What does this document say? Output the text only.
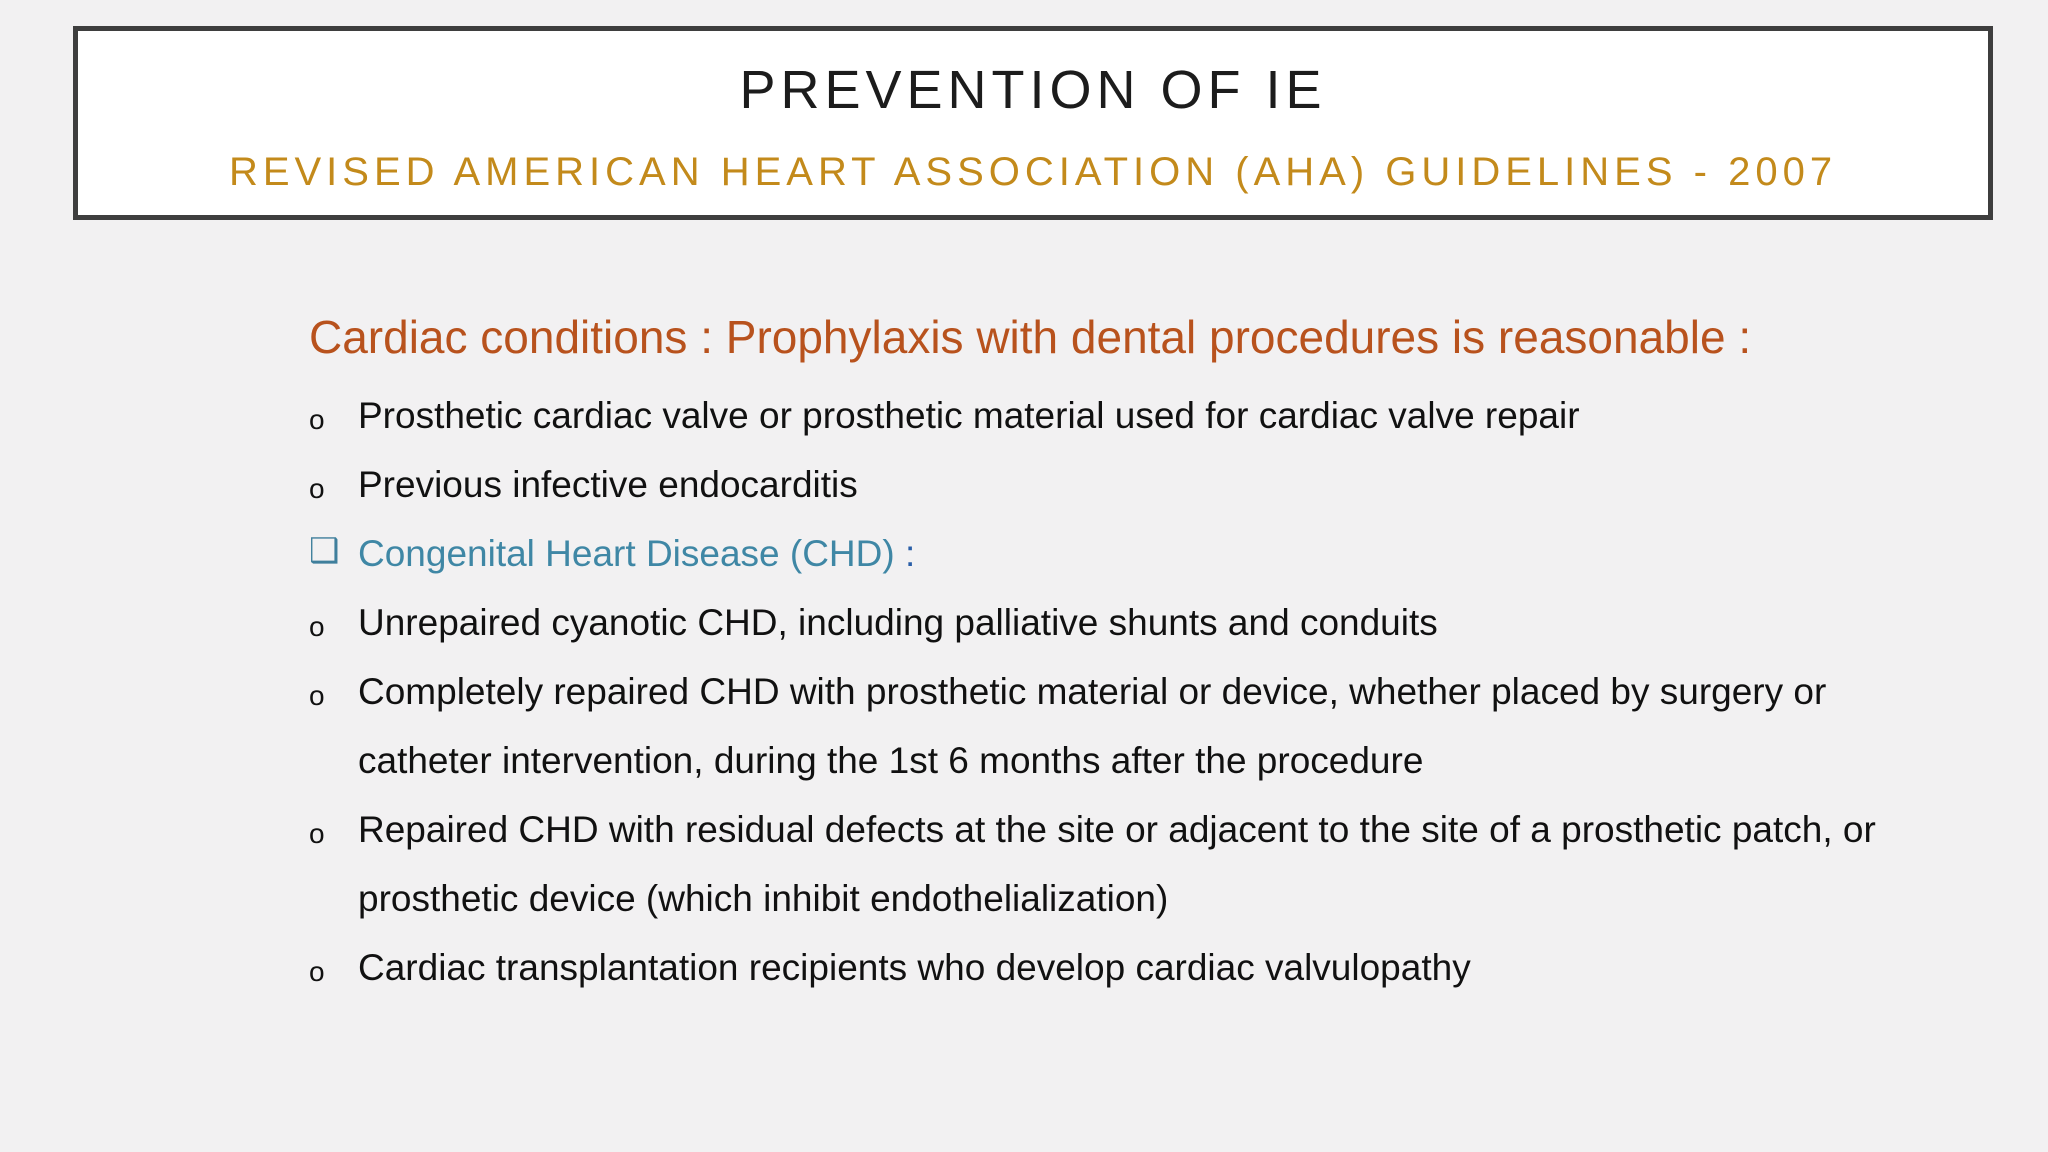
PREVENTION OF IE
REVISED AMERICAN HEART ASSOCIATION (AHA) GUIDELINES - 2007
Cardiac conditions : Prophylaxis with dental procedures is reasonable :
o Prosthetic cardiac valve or prosthetic material used for cardiac valve repair
o Previous infective endocarditis
❑ Congenital Heart Disease (CHD) :
o Unrepaired cyanotic CHD, including palliative shunts and conduits
o Completely repaired CHD with prosthetic material or device, whether placed by surgery or catheter intervention, during the 1st 6 months after the procedure
o Repaired CHD with residual defects at the site or adjacent to the site of a prosthetic patch, or prosthetic device (which inhibit endothelialization)
o Cardiac transplantation recipients who develop cardiac valvulopathy
